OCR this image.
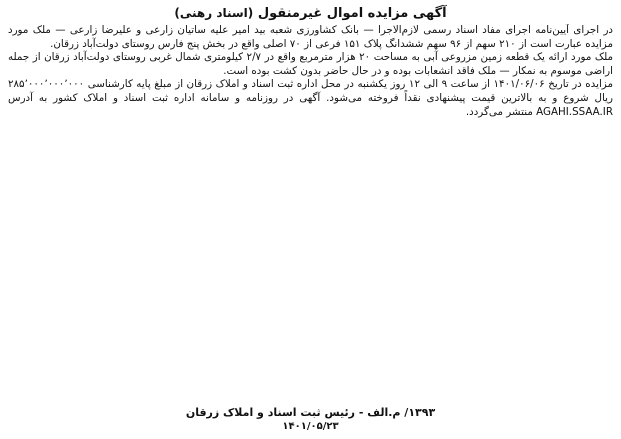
آگهی مزایده اموال غیرمنقول (اسناد رهنی)

در اجرای آیین‌نامه اجرای مفاد اسناد رسمی لازم‌الاجرا — بانک کشاورزی شعبه بید امیر علیه ساتیان زارعی و علیرضا زارعی — ملک مورد مزایده عبارت است از ۲۱۰ سهم از ۹۶ سهم ششدانگ پلاک ۱۵۱ فرعی از ۷۰ اصلی واقع در بخش پنج فارس روستای دولت‌آباد زرقان.

ملک مورد ارائه یک قطعه زمین مزروعی آبی به مساحت ۲۰ هزار مترمربع واقع در ۲/۷ کیلومتری شمال غربی روستای دولت‌آباد زرقان از جمله اراضی موسوم به نمکار — ملک فاقد انشعابات بوده و در حال حاضر بدون کشت بوده است.

مزایده در تاریخ ۱۴۰۱/۰۶/۰۶ از ساعت ۹ الی ۱۲ روز یکشنبه در محل اداره ثبت اسناد و املاک زرقان از مبلغ پایه کارشناسی ۲۸۵٬۰۰۰٬۰۰۰٬۰۰۰ ریال شروع و به بالاترین قیمت پیشنهادی نقداً فروخته می‌شود. آگهی در روزنامه و سامانه اداره ثبت اسناد و املاک کشور به آدرس AGAHI.SSAA.IR منتشر می‌گردد.

۱۳۹۳/ م.الف - رئیس ثبت اسناد و املاک زرقان
۱۴۰۱/۰۵/۲۳
